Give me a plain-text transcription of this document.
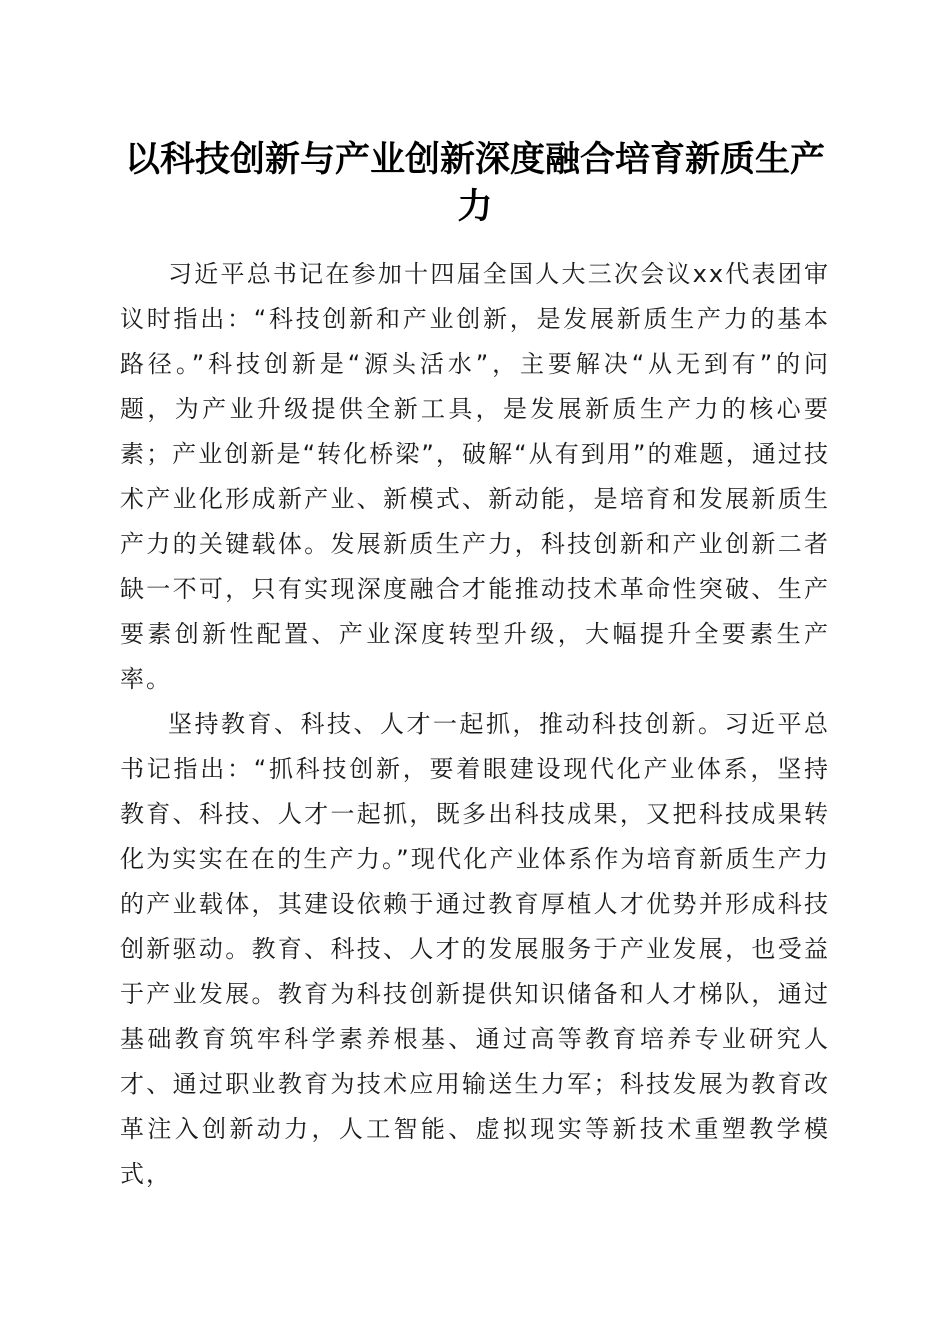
以科技创新与产业创新深度融合培育新质生产力

习近平总书记在参加十四届全国人大三次会议xx代表团审议时指出：“科技创新和产业创新，是发展新质生产力的基本路径。”科技创新是“源头活水”，主要解决“从无到有”的问题，为产业升级提供全新工具，是发展新质生产力的核心要素；产业创新是“转化桥梁”，破解“从有到用”的难题，通过技术产业化形成新产业、新模式、新动能，是培育和发展新质生产力的关键载体。发展新质生产力，科技创新和产业创新二者缺一不可，只有实现深度融合才能推动技术革命性突破、生产要素创新性配置、产业深度转型升级，大幅提升全要素生产率。

坚持教育、科技、人才一起抓，推动科技创新。习近平总书记指出：“抓科技创新，要着眼建设现代化产业体系，坚持教育、科技、人才一起抓，既多出科技成果，又把科技成果转化为实实在在的生产力。”现代化产业体系作为培育新质生产力的产业载体，其建设依赖于通过教育厚植人才优势并形成科技创新驱动。教育、科技、人才的发展服务于产业发展，也受益于产业发展。教育为科技创新提供知识储备和人才梯队，通过基础教育筑牢科学素养根基、通过高等教育培养专业研究人才、通过职业教育为技术应用输送生力军；科技发展为教育改革注入创新动力，人工智能、虚拟现实等新技术重塑教学模式，
